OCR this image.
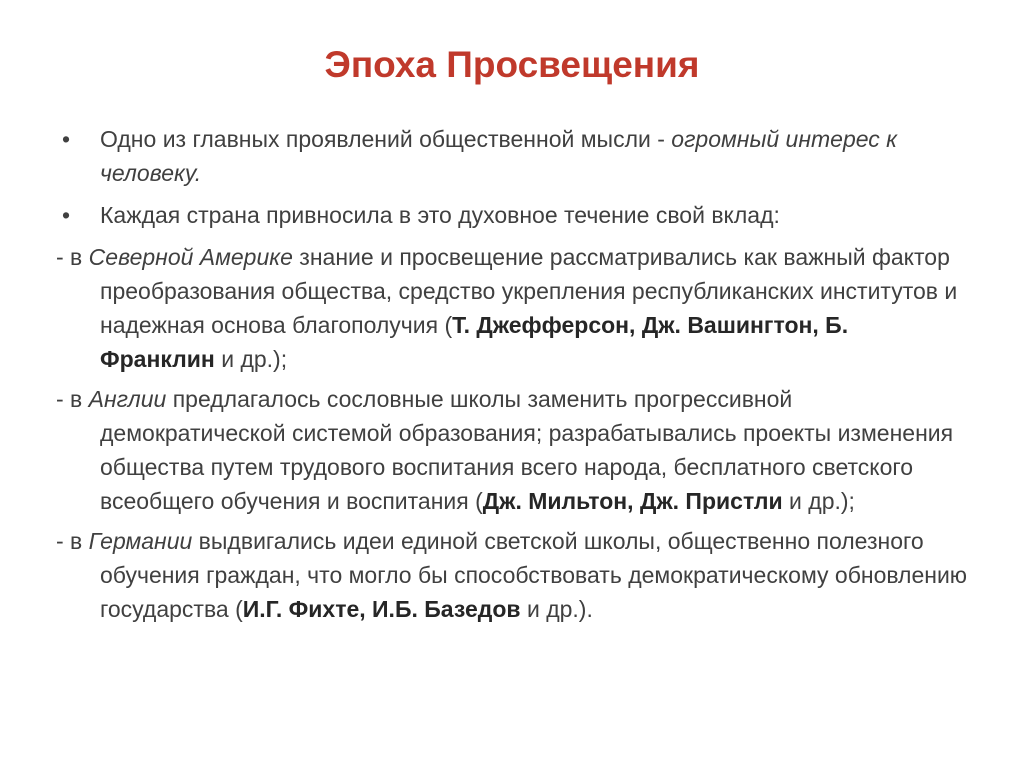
Эпоха Просвещения
• Одно из главных проявлений общественной мысли - огромный интерес к человеку.
• Каждая страна привносила в это духовное течение свой вклад:
- в Северной Америке знание и просвещение рассматривались как важный фактор преобразования общества, средство укрепления республиканских институтов и надежная основа благополучия (Т. Джефферсон, Дж. Вашингтон, Б. Франклин и др.);
- в Англии предлагалось сословные школы заменить прогрессивной демократической системой образования; разрабатывались проекты изменения общества путем трудового воспитания всего народа, бесплатного светского всеобщего обучения и воспитания (Дж. Мильтон, Дж. Пристли и др.);
- в Германии выдвигались идеи единой светской школы, общественно полезного обучения граждан, что могло бы способствовать демократическому обновлению государства (И.Г. Фихте, И.Б. Базедов и др.).
